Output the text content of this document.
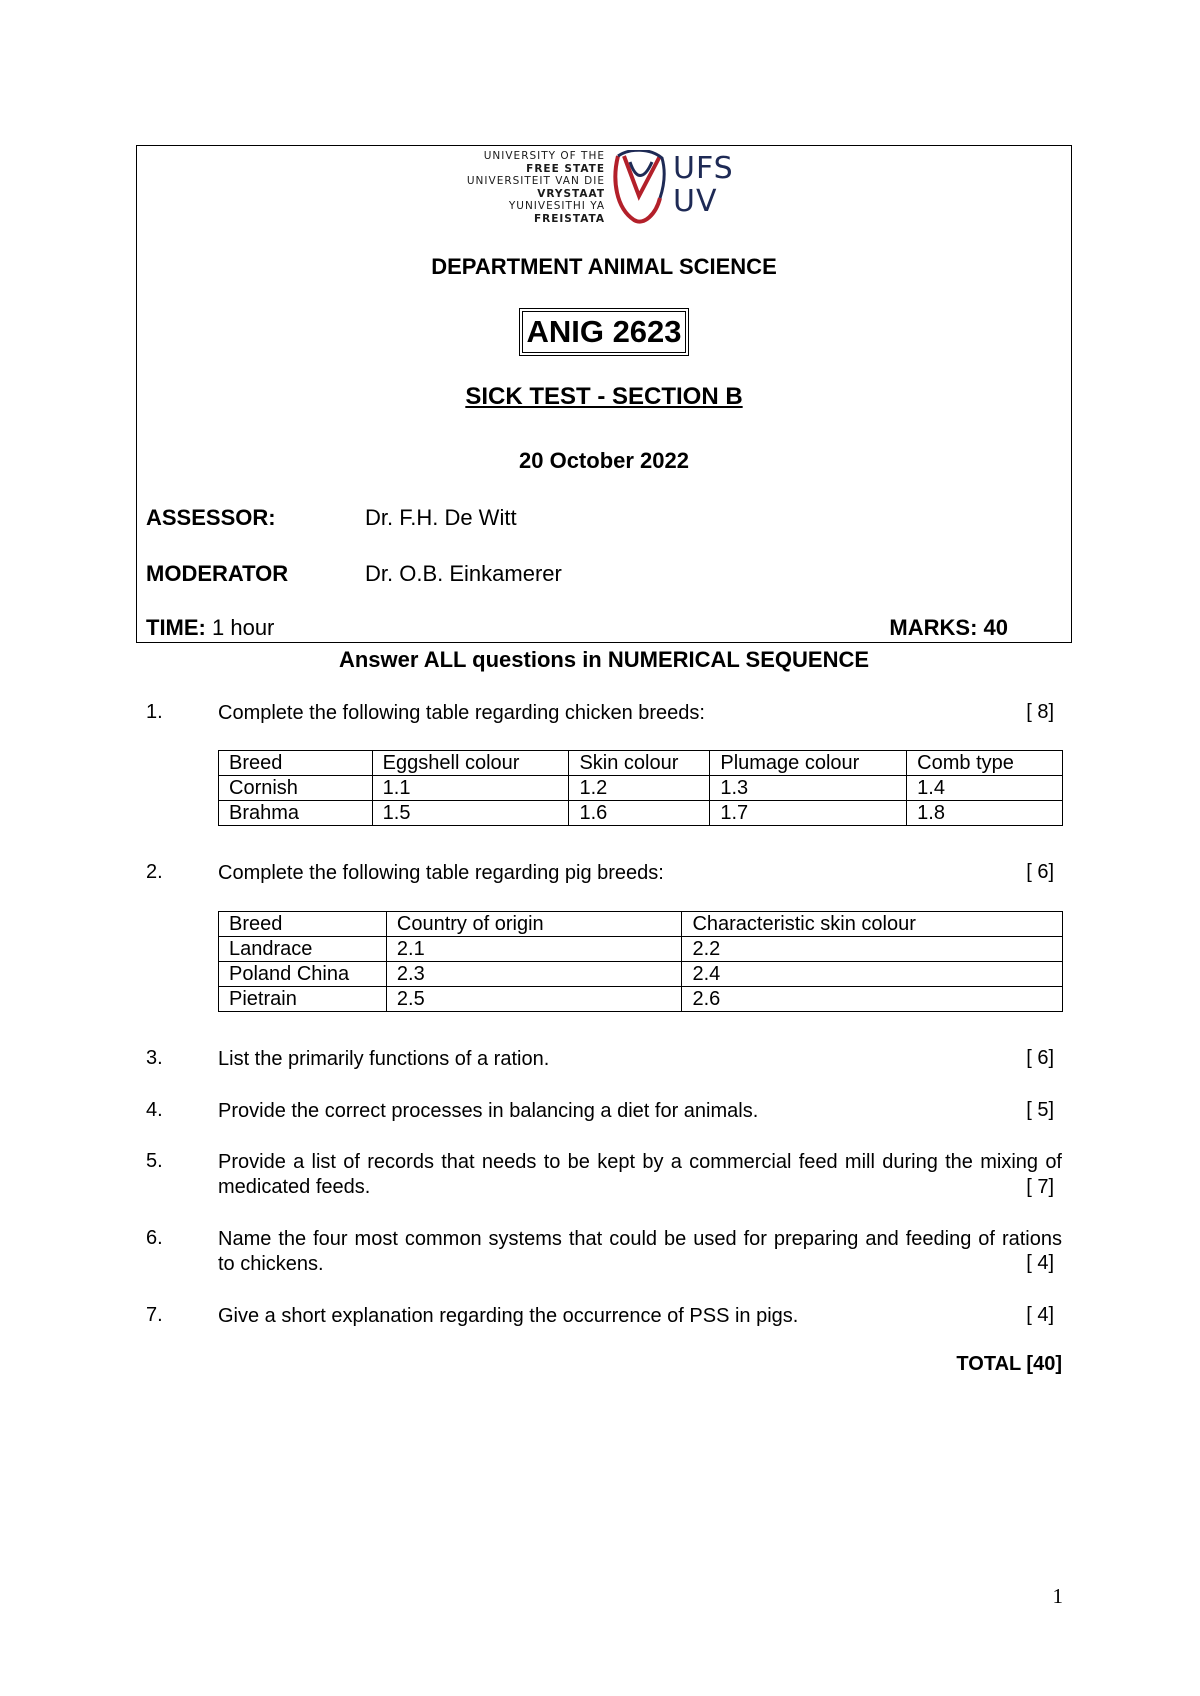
UNIVERSITY OF THE
FREE STATE
UNIVERSITEIT VAN DIE
VRYSTAAT
YUNIVESITHI YA
FREISTATA
UFS
UV
DEPARTMENT ANIMAL SCIENCE
ANIG 2623
SICK TEST - SECTION B
20 October 2022
ASSESSOR:	Dr. F.H. De Witt
MODERATOR	Dr. O.B. Einkamerer
TIME: 1 hour	MARKS: 40
Answer ALL questions in NUMERICAL SEQUENCE
1.	Complete the following table regarding chicken breeds:	[ 8]
Breed	Eggshell colour	Skin colour	Plumage colour	Comb type
Cornish	1.1	1.2	1.3	1.4
Brahma	1.5	1.6	1.7	1.8
2.	Complete the following table regarding pig breeds:	[ 6]
Breed	Country of origin	Characteristic skin colour
Landrace	2.1	2.2
Poland China	2.3	2.4
Pietrain	2.5	2.6
3.	List the primarily functions of a ration.	[ 6]
4.	Provide the correct processes in balancing a diet for animals.	[ 5]
5.	Provide a list of records that needs to be kept by a commercial feed mill during the mixing of medicated feeds.	[ 7]
6.	Name the four most common systems that could be used for preparing and feeding of rations to chickens.	[ 4]
7.	Give a short explanation regarding the occurrence of PSS in pigs.	[ 4]
TOTAL [40]
1
